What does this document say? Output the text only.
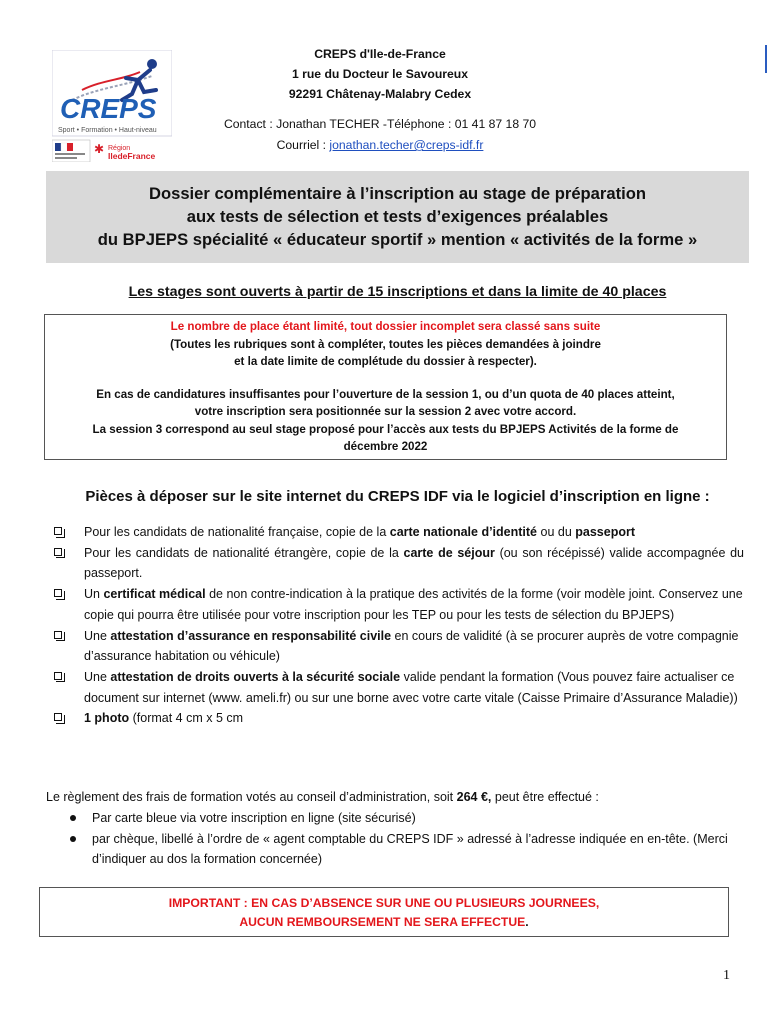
CREPS
Sport • Formation • Haut-niveau
✱ Région
IledeFrance
CREPS d'Ile-de-France
1 rue du Docteur le Savoureux
92291 Châtenay-Malabry Cedex
Contact : Jonathan TECHER -Téléphone : 01 41 87 18 70
Courriel : jonathan.techer@creps-idf.fr
Dossier complémentaire à l’inscription au stage de préparation
aux tests de sélection et tests d’exigences préalables
du BPJEPS spécialité « éducateur sportif » mention « activités de la forme »
Les stages sont ouverts à partir de 15 inscriptions et dans la limite de 40 places
Le nombre de place étant limité, tout dossier incomplet sera classé sans suite
(Toutes les rubriques sont à compléter, toutes les pièces demandées à joindre
et la date limite de complétude du dossier à respecter).
En cas de candidatures insuffisantes pour l’ouverture de la session 1, ou d’un quota de 40 places atteint,
votre inscription sera positionnée sur la session 2 avec votre accord.
La session 3 correspond au seul stage proposé pour l’accès aux tests du BPJEPS Activités de la forme de décembre 2022
Pièces à déposer sur le site internet du CREPS IDF via le logiciel d’inscription en ligne :
Pour les candidats de nationalité française, copie de la carte nationale d’identité ou du passeport
Pour les candidats de nationalité étrangère, copie de la carte de séjour (ou son récépissé) valide accompagnée du passeport.
Un certificat médical de non contre-indication à la pratique des activités de la forme (voir modèle joint. Conservez une copie qui pourra être utilisée pour votre inscription pour les TEP ou pour les tests de sélection du BPJEPS)
Une attestation d’assurance en responsabilité civile en cours de validité (à se procurer auprès de votre compagnie d’assurance habitation ou véhicule)
Une attestation de droits ouverts à la sécurité sociale valide pendant la formation (Vous pouvez faire actualiser ce document sur internet (www. ameli.fr) ou sur une borne avec votre carte vitale (Caisse Primaire d’Assurance Maladie))
1 photo (format 4 cm x 5 cm
Le règlement des frais de formation votés au conseil d’administration, soit 264 €, peut être effectué :
Par carte bleue via votre inscription en ligne (site sécurisé)
par chèque, libellé à l’ordre de « agent comptable du CREPS IDF » adressé à l’adresse indiquée en en-tête. (Merci d’indiquer au dos la formation concernée)
IMPORTANT : EN CAS D’ABSENCE SUR UNE OU PLUSIEURS JOURNEES,
AUCUN REMBOURSEMENT NE SERA EFFECTUE.
1
